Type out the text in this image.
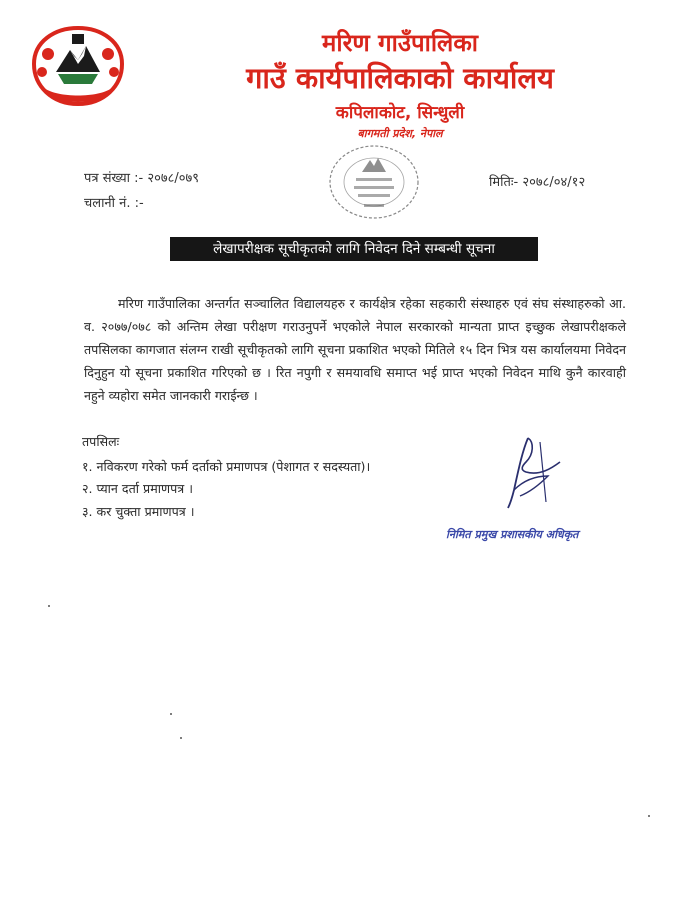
मरिण गाउँपालिका
गाउँ कार्यपालिकाको कार्यालय
कपिलाकोट, सिन्धुली
बागमती प्रदेश, नेपाल
पत्र संख्या :- २०७८/०७९
चलानी नं. :-
मितिः- २०७८/०४/१२
लेखापरीक्षक सूचीकृतको लागि निवेदन दिने सम्बन्धी सूचना

मरिण गाउँपालिका अन्तर्गत सञ्चालित विद्यालयहरु र कार्यक्षेत्र रहेका सहकारी संस्थाहरु एवं संघ संस्थाहरुको आ. व. २०७७/०७८ को अन्तिम लेखा परीक्षण गराउनुपर्ने भएकोले नेपाल सरकारको मान्यता प्राप्त इच्छुक लेखापरीक्षकले तपसिलका कागजात संलग्न राखी सूचीकृतको लागि सूचना प्रकाशित भएको मितिले १५ दिन भित्र यस कार्यालयमा निवेदन दिनुहुन यो सूचना प्रकाशित गरिएको छ । रित नपुगी र समयावधि समाप्त भई प्राप्त भएको निवेदन माथि कुनै कारवाही नहुने व्यहोरा समेत जानकारी गराईन्छ ।

तपसिलः
१. नविकरण गरेको फर्म दर्ताको प्रमाणपत्र (पेशागत र सदस्यता)।
२. प्यान दर्ता प्रमाणपत्र ।
३. कर चुक्ता प्रमाणपत्र ।
निमित प्रमुख प्रशासकीय अधिकृत
